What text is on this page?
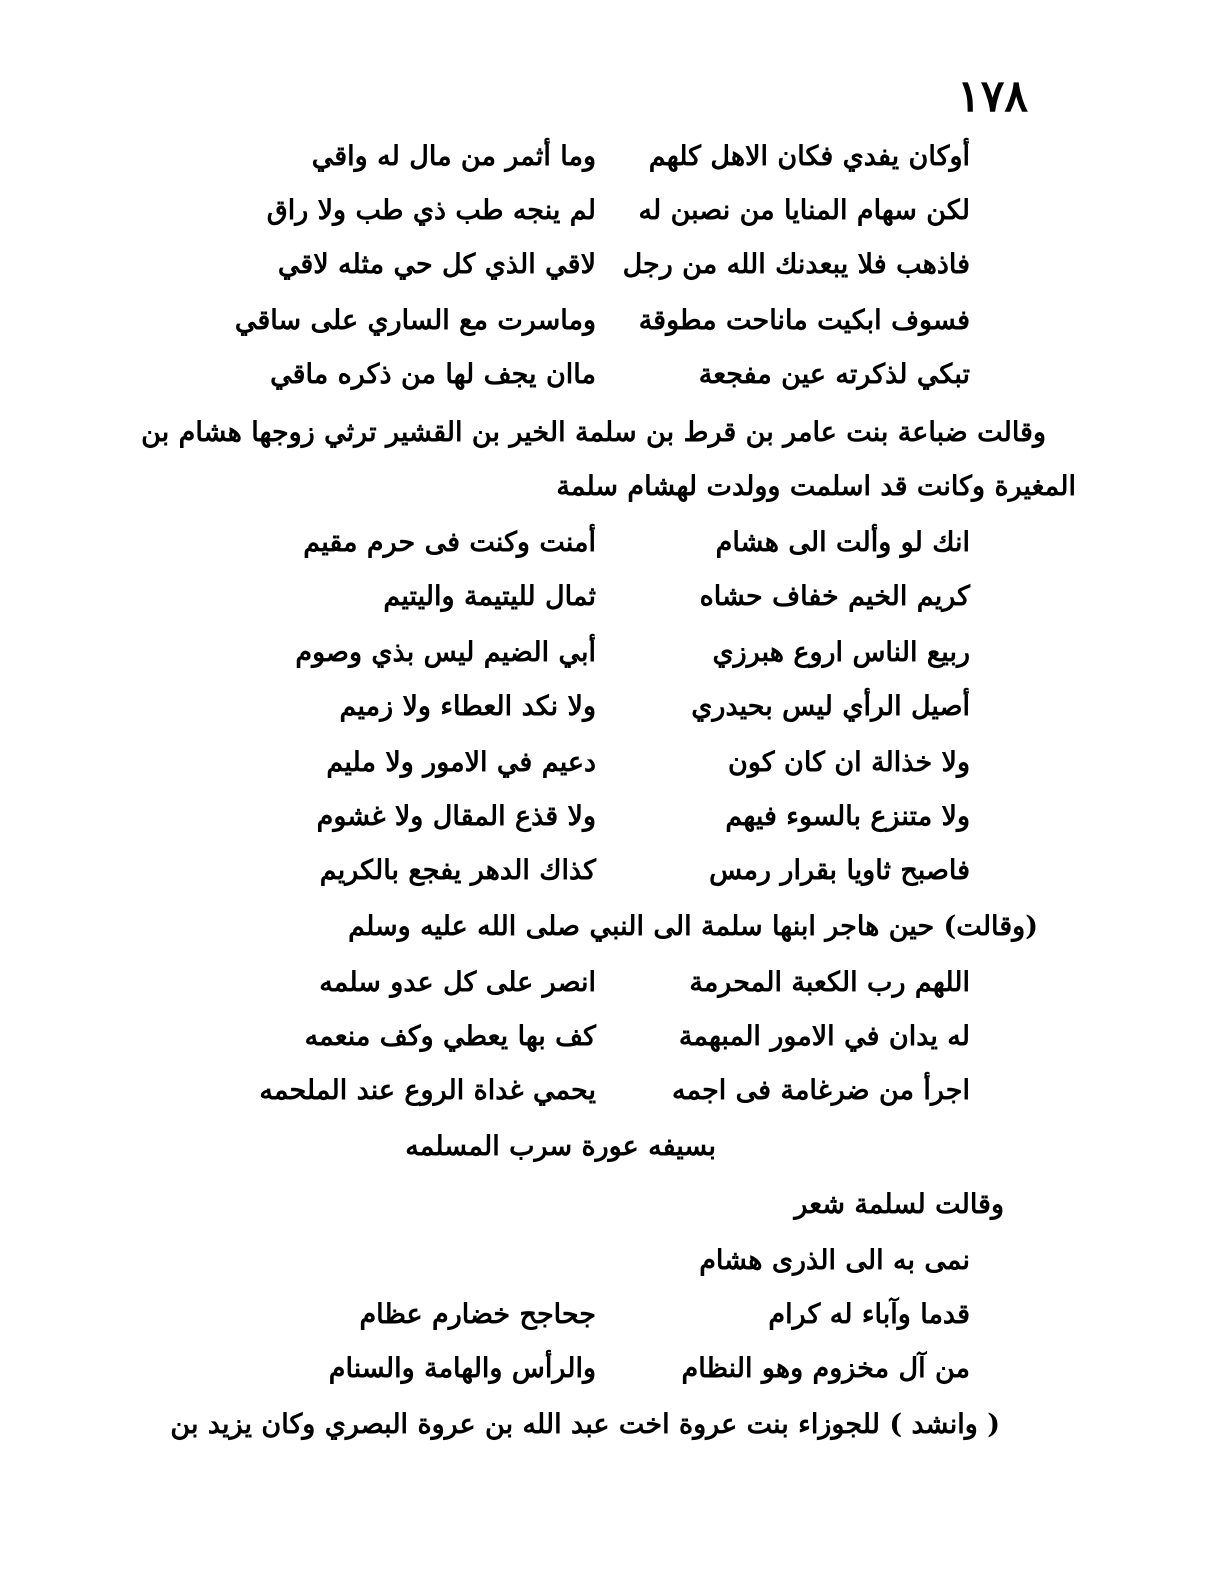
١٧٨
أوكان يفدي فكان الاهل كلهم
وما أثمر من مال له واقي
لكن سهام المنايا من نصبن له
لم ينجه طب ذي طب ولا راق
فاذهب فلا يبعدنك الله من رجل
لاقي الذي كل حي مثله لاقي
فسوف ابكيت ماناحت مطوقة
وماسرت مع الساري على ساقي
تبكي لذكرته عين مفجعة
ماان يجف لها من ذكره ماقي
وقالت ضباعة بنت عامر بن قرط بن سلمة الخير بن القشير ترثي زوجها هشام بن
المغيرة وكانت قد اسلمت وولدت لهشام سلمة
انك لو وألت الى هشام
أمنت وكنت فى حرم مقيم
كريم الخيم خفاف حشاه
ثمال لليتيمة واليتيم
ربيع الناس اروع هبرزي
أبي الضيم ليس بذي وصوم
أصيل الرأي ليس بحيدري
ولا نكد العطاء ولا زميم
ولا خذالة ان كان كون
دعيم في الامور ولا مليم
ولا متنزع بالسوء فيهم
ولا قذع المقال ولا غشوم
فاصبح ثاويا بقرار رمس
كذاك الدهر يفجع بالكريم
(وقالت) حين هاجر ابنها سلمة الى النبي صلى الله عليه وسلم
اللهم رب الكعبة المحرمة
انصر على كل عدو سلمه
له يدان في الامور المبهمة
كف بها يعطي وكف منعمه
اجرأ من ضرغامة فى اجمه
يحمي غداة الروع عند الملحمه
بسيفه عورة سرب المسلمه
وقالت لسلمة شعر
نمى به الى الذرى هشام
قدما وآباء له كرام
جحاجح خضارم عظام
من آل مخزوم وهو النظام
والرأس والهامة والسنام
( وانشد ) للجوزاء بنت عروة اخت عبد الله بن عروة البصري وكان يزيد بن
